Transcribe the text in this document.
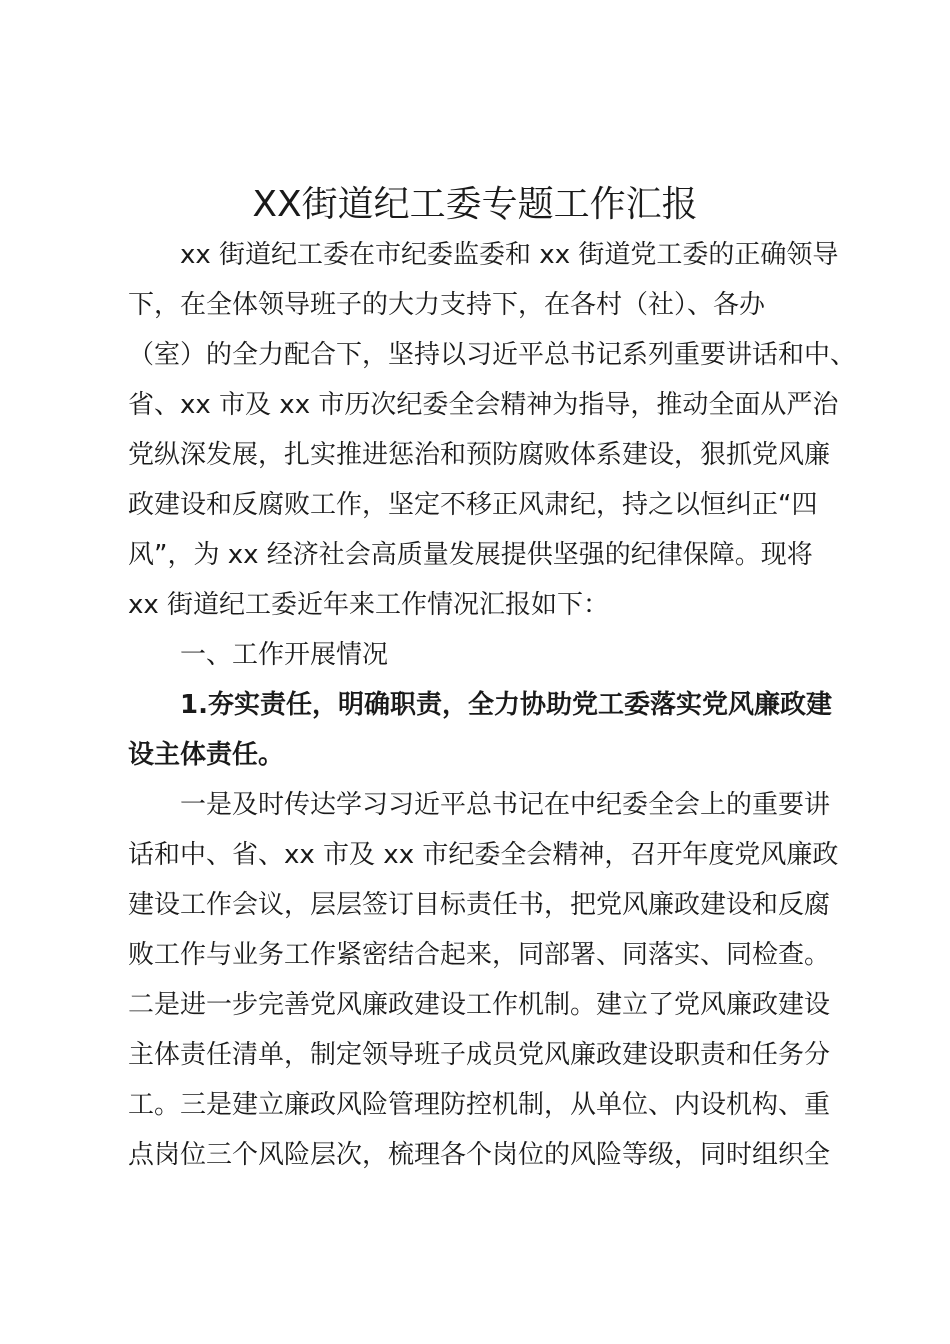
XX街道纪工委专题工作汇报

xx 街道纪工委在市纪委监委和 xx 街道党工委的正确领导

下，在全体领导班子的大力支持下，在各村（社）、各办

（室）的全力配合下，坚持以习近平总书记系列重要讲话和中、

省、xx 市及 xx 市历次纪委全会精神为指导，推动全面从严治

党纵深发展，扎实推进惩治和预防腐败体系建设，狠抓党风廉

政建设和反腐败工作，坚定不移正风肃纪，持之以恒纠正“四

风”，为 xx 经济社会高质量发展提供坚强的纪律保障。现将

xx 街道纪工委近年来工作情况汇报如下：

一、工作开展情况

1.夯实责任，明确职责，全力协助党工委落实党风廉政建

设主体责任。

一是及时传达学习习近平总书记在中纪委全会上的重要讲

话和中、省、xx 市及 xx 市纪委全会精神，召开年度党风廉政

建设工作会议，层层签订目标责任书，把党风廉政建设和反腐

败工作与业务工作紧密结合起来，同部署、同落实、同检查。

二是进一步完善党风廉政建设工作机制。建立了党风廉政建设

主体责任清单，制定领导班子成员党风廉政建设职责和任务分

工。三是建立廉政风险管理防控机制，从单位、内设机构、重

点岗位三个风险层次，梳理各个岗位的风险等级，同时组织全
